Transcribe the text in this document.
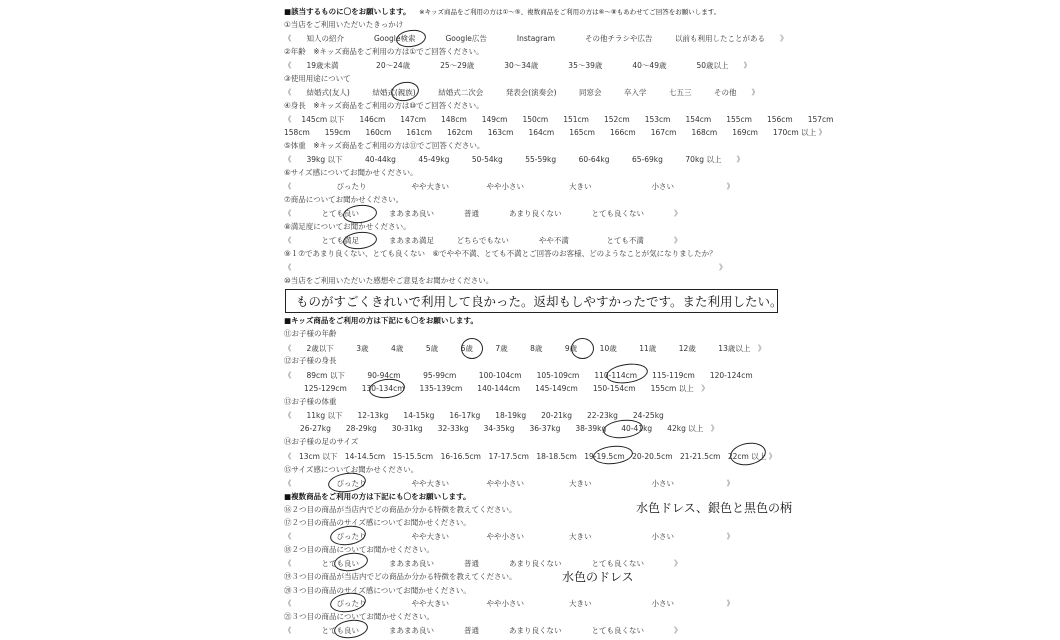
■該当するものに〇をお願いします。 ※キッズ商品をご利用の方は①〜⑤、複数商品をご利用の方は⑥〜⑧もあわせてご回答をお願いします。
①当店をご利用いただいたきっかけ
《　　知人の紹介　　　　Google検索　　　　Google広告　　　　Instagram　　　　その他チラシや広告　　　以前も利用したことがある　　》
②年齢　※キッズ商品をご利用の方は①でご回答ください。
《　　19歳未満　　　　　20〜24歳　　　　25〜29歳　　　　30〜34歳　　　　35〜39歳　　　　40〜49歳　　　　50歳以上　　》
③使用用途について
《　　結婚式(友人)　　　結婚式(親族)　　　結婚式二次会　　　発表会(演奏会)　　　同窓会　　　卒入学　　　七五三　　　その他　　》
④身長　※キッズ商品をご利用の方は⑩でご回答ください。
《　 145cm 以下　　146cm　　147cm　　148cm　　149cm　　150cm　　151cm　　152cm　　153cm　　154cm　　155cm　　156cm　　157cm
158cm　　159cm　　160cm　　161cm　　162cm　　163cm　　164cm　　165cm　　166cm　　167cm　　168cm　　169cm　　170cm 以上 》
⑤体重　※キッズ商品をご利用の方は⑪でご回答ください。
《　　39kg 以下　　　40-44kg　　　45-49kg　　　50-54kg　　　55-59kg　　　60-64kg　　　65-69kg　　　70kg 以上　　》
⑥サイズ感についてお聞かせください。
《　　　　　　ぴったり　　　　　　やや大きい　　　　　やや小さい　　　　　　大きい　　　　　　　　小さい　　　　　　　》
⑦商品についてお聞かせください。
《　　　　とても良い　　　　まあまあ良い　　　　普通　　　　あまり良くない　　　　とても良くない　　　　》
⑧満足度についてお聞かせください。
《　　　　とても満足　　　　まあまあ満足　　　どちらでもない　　　　やや不満　　　　　とても不満　　　　》
⑨１⑦であまり良くない、とても良くない　⑥でやや不満、とても不満とご回答のお客様、どのようなことが気になりましたか？
《　　　　　　　　　　　　　　　　　　　　　　　　　　　　　　　　　　　　　　　　　　　　　　　　　　　　　　　　　》
⑩当店をご利用いただいた感想やご意見をお聞かせください。
ものがすごくきれいで利用して良かった。返却もしやすかったです。また利用したい。
■キッズ商品をご利用の方は下記にも〇をお願いします。
⑪お子様の年齢
《　　2歳以下　　　3歳　　　4歳　　　5歳　　　6歳　　　7歳　　　8歳　　　9歳　　　10歳　　　11歳　　　12歳　　　13歳以上　》
⑫お子様の身長
《　　89cm 以下　　　90-94cm　　　95-99cm　　　100-104cm　　105-109cm　　110-114cm　　115-119cm　　120-124cm
125-129cm　　130-134cm　　135-139cm　　140-144cm　　145-149cm　　150-154cm　　155cm 以上　》
⑬お子様の体重
《　　11kg 以下　　12-13kg　　14-15kg　　16-17kg　　18-19kg　　20-21kg　　22-23kg　　24-25kg
26-27kg　　28-29kg　　30-31kg　　32-33kg　　34-35kg　　36-37kg　　38-39kg　　40-41kg　　42kg 以上　》
⑭お子様の足のサイズ
《　13cm 以下　14-14.5cm　15-15.5cm　16-16.5cm　17-17.5cm　18-18.5cm　19-19.5cm　20-20.5cm　21-21.5cm　22cm 以上 》
⑮サイズ感についてお聞かせください。
《　　　　　　ぴったり　　　　　　やや大きい　　　　　やや小さい　　　　　　大きい　　　　　　　　小さい　　　　　　　》
■複数商品をご利用の方は下記にも〇をお願いします。
⑯２つ目の商品が当店内でどの商品か分かる特徴を教えてください。	水色ドレス、銀色と黒色の柄
⑰２つ目の商品のサイズ感についてお聞かせください。
《　　　　　　ぴったり　　　　　　やや大きい　　　　　やや小さい　　　　　　大きい　　　　　　　　小さい　　　　　　　》
⑱２つ目の商品についてお聞かせください。
《　　　　とても良い　　　　まあまあ良い　　　　普通　　　　あまり良くない　　　　とても良くない　　　　》
⑲３つ目の商品が当店内でどの商品か分かる特徴を教えてください。	水色のドレス
⑳３つ目の商品のサイズ感についてお聞かせください。
《　　　　　　ぴったり　　　　　　やや大きい　　　　　やや小さい　　　　　　大きい　　　　　　　　小さい　　　　　　　》
㉑３つ目の商品についてお聞かせください。
《　　　　とても良い　　　　まあまあ良い　　　　普通　　　　あまり良くない　　　　とても良くない　　　　》
